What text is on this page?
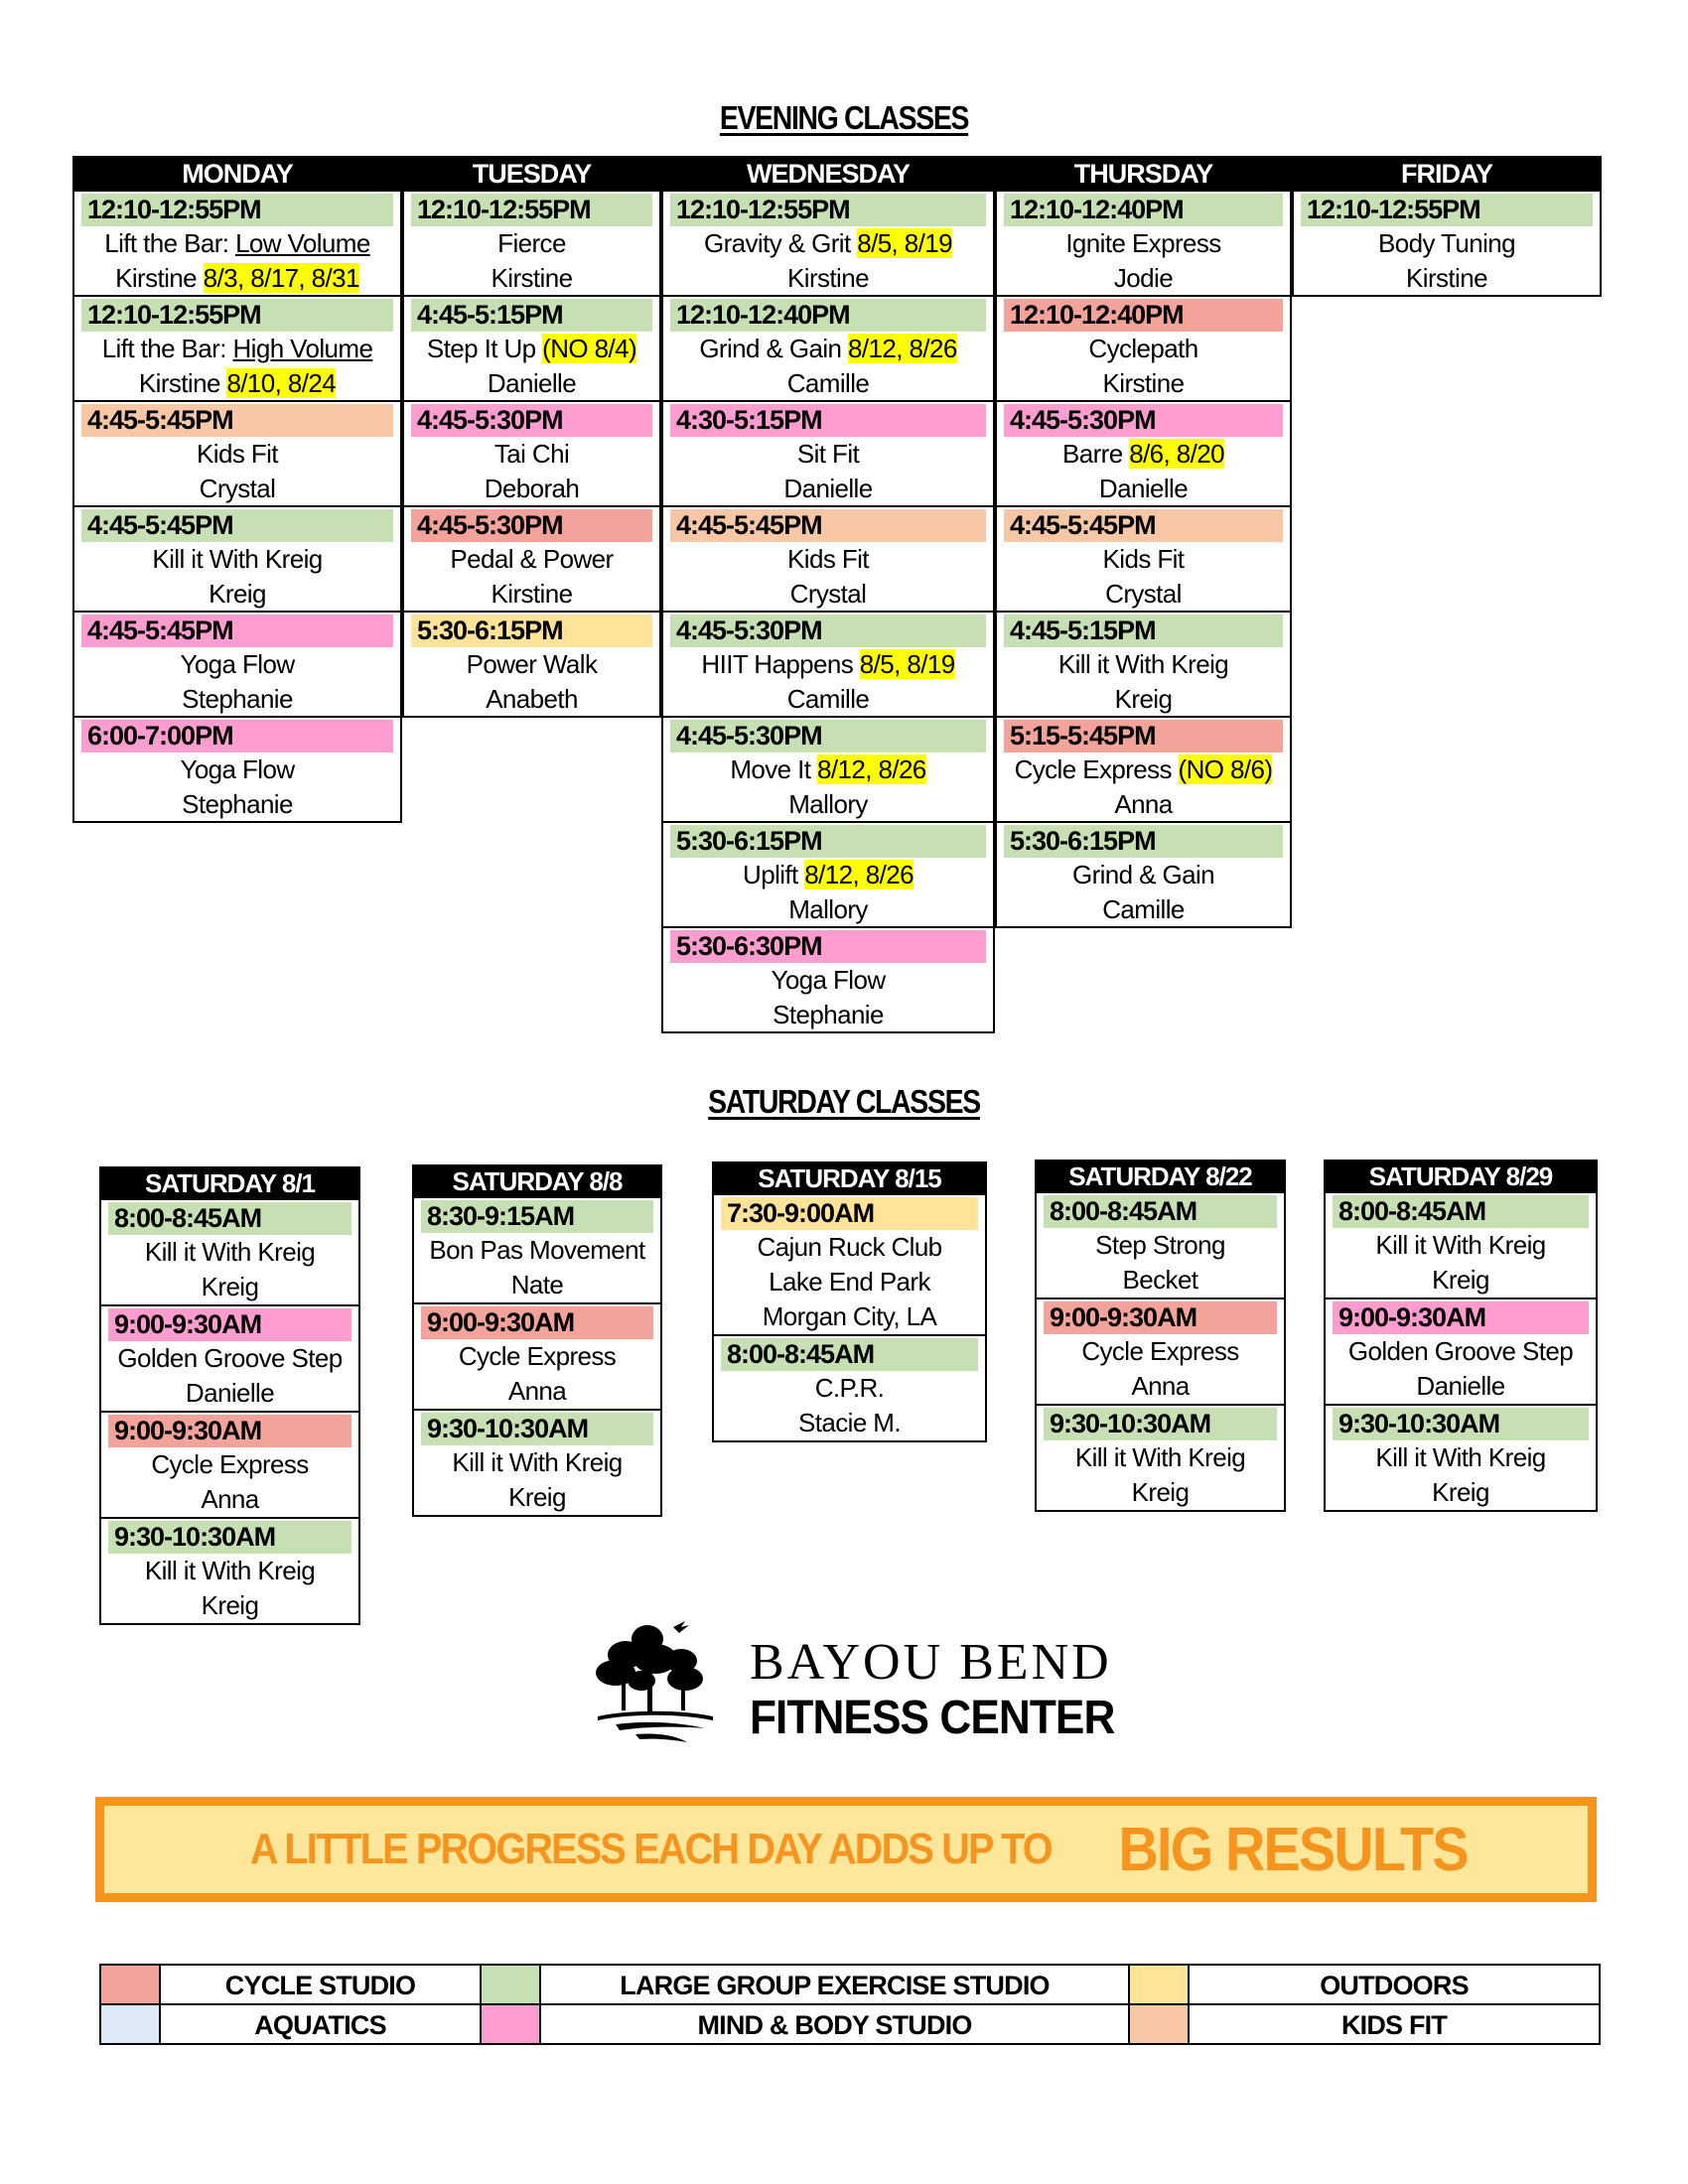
EVENING CLASSES
MONDAY
12:10-12:55PM
Lift the Bar: Low Volume
Kirstine 8/3, 8/17, 8/31
12:10-12:55PM
Lift the Bar: High Volume
Kirstine 8/10, 8/24
4:45-5:45PM
Kids Fit
Crystal
4:45-5:45PM
Kill it With Kreig
Kreig
4:45-5:45PM
Yoga Flow
Stephanie
6:00-7:00PM
Yoga Flow
Stephanie
TUESDAY
12:10-12:55PM
Fierce
Kirstine
4:45-5:15PM
Step It Up (NO 8/4)
Danielle
4:45-5:30PM
Tai Chi
Deborah
4:45-5:30PM
Pedal & Power
Kirstine
5:30-6:15PM
Power Walk
Anabeth
WEDNESDAY
12:10-12:55PM
Gravity & Grit 8/5, 8/19
Kirstine
12:10-12:40PM
Grind & Gain 8/12, 8/26
Camille
4:30-5:15PM
Sit Fit
Danielle
4:45-5:45PM
Kids Fit
Crystal
4:45-5:30PM
HIIT Happens 8/5, 8/19
Camille
4:45-5:30PM
Move It 8/12, 8/26
Mallory
5:30-6:15PM
Uplift 8/12, 8/26
Mallory
5:30-6:30PM
Yoga Flow
Stephanie
THURSDAY
12:10-12:40PM
Ignite Express
Jodie
12:10-12:40PM
Cyclepath
Kirstine
4:45-5:30PM
Barre 8/6, 8/20
Danielle
4:45-5:45PM
Kids Fit
Crystal
4:45-5:15PM
Kill it With Kreig
Kreig
5:15-5:45PM
Cycle Express (NO 8/6)
Anna
5:30-6:15PM
Grind & Gain
Camille
FRIDAY
12:10-12:55PM
Body Tuning
Kirstine
SATURDAY CLASSES
SATURDAY 8/1
8:00-8:45AM
Kill it With Kreig
Kreig
9:00-9:30AM
Golden Groove Step
Danielle
9:00-9:30AM
Cycle Express
Anna
9:30-10:30AM
Kill it With Kreig
Kreig
SATURDAY 8/8
8:30-9:15AM
Bon Pas Movement
Nate
9:00-9:30AM
Cycle Express
Anna
9:30-10:30AM
Kill it With Kreig
Kreig
SATURDAY 8/15
7:30-9:00AM
Cajun Ruck Club
Lake End Park
Morgan City, LA
8:00-8:45AM
C.P.R.
Stacie M.
SATURDAY 8/22
8:00-8:45AM
Step Strong
Becket
9:00-9:30AM
Cycle Express
Anna
9:30-10:30AM
Kill it With Kreig
Kreig
SATURDAY 8/29
8:00-8:45AM
Kill it With Kreig
Kreig
9:00-9:30AM
Golden Groove Step
Danielle
9:30-10:30AM
Kill it With Kreig
Kreig
BAYOU BEND
FITNESS CENTER
A LITTLE PROGRESS EACH DAY ADDS UP TO BIG RESULTS
CYCLE STUDIO	LARGE GROUP EXERCISE STUDIO	OUTDOORS
AQUATICS	MIND & BODY STUDIO	KIDS FIT
